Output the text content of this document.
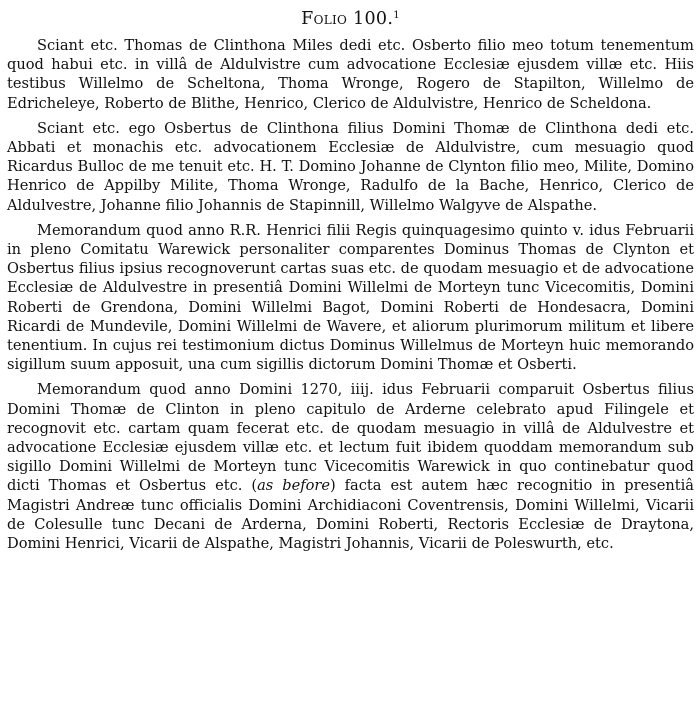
Folio 100.$^1$

Sciant etc. Thomas de Clinthona Miles dedi etc. Osberto filio meo totum tenementum quod habui etc. in villâ de Aldulvistre cum advocatione Ecclesiæ ejusdem villæ etc. Hiis testibus Willelmo de Scheltona, Thoma Wronge, Rogero de Stapilton, Willelmo de Edricheleye, Roberto de Blithe, Henrico, Clerico de Aldulvistre, Henrico de Scheldona.

Sciant etc. ego Osbertus de Clinthona filius Domini Thomæ de Clinthona dedi etc. Abbati et monachis etc. advocationem Ecclesiæ de Aldulvistre, cum mesuagio quod Ricardus Bulloc de me tenuit etc. H. T. Domino Johanne de Clynton filio meo, Milite, Domino Henrico de Appilby Milite, Thoma Wronge, Radulfo de la Bache, Henrico, Clerico de Aldulvestre, Johanne filio Johannis de Stapinnill, Willelmo Walgyve de Alspathe.

Memorandum quod anno R.R. Henrici filii Regis quinquagesimo quinto v. idus Februarii in pleno Comitatu Warewick personaliter comparentes Dominus Thomas de Clynton et Osbertus filius ipsius recognoverunt cartas suas etc. de quodam mesuagio et de advocatione Ecclesiæ de Aldulvestre in presentiâ Domini Willelmi de Morteyn tunc Vicecomitis, Domini Roberti de Grendona, Domini Willelmi Bagot, Domini Roberti de Hondesacra, Domini Ricardi de Mundevile, Domini Willelmi de Wavere, et aliorum plurimorum militum et libere tenentium. In cujus rei testimonium dictus Dominus Willelmus de Morteyn huic memorando sigillum suum apposuit, una cum sigillis dictorum Domini Thomæ et Osberti.

Memorandum quod anno Domini 1270, iiij. idus Februarii comparuit Osbertus filius Domini Thomæ de Clinton in pleno capitulo de Arderne celebrato apud Filingele et recognovit etc. cartam quam fecerat etc. de quodam mesuagio in villâ de Aldulvestre et advocatione Ecclesiæ ejusdem villæ etc. et lectum fuit ibidem quoddam memorandum sub sigillo Domini Willelmi de Morteyn tunc Vicecomitis Warewick in quo continebatur quod dicti Thomas et Osbertus etc. (as before) facta est autem hæc recognitio in presentiâ Magistri Andreæ tunc officialis Domini Archidiaconi Coventrensis, Domini Willelmi, Vicarii de Colesulle tunc Decani de Arderna, Domini Roberti, Rectoris Ecclesiæ de Draytona, Domini Henrici, Vicarii de Alspathe, Magistri Johannis, Vicarii de Poleswurth, etc.
